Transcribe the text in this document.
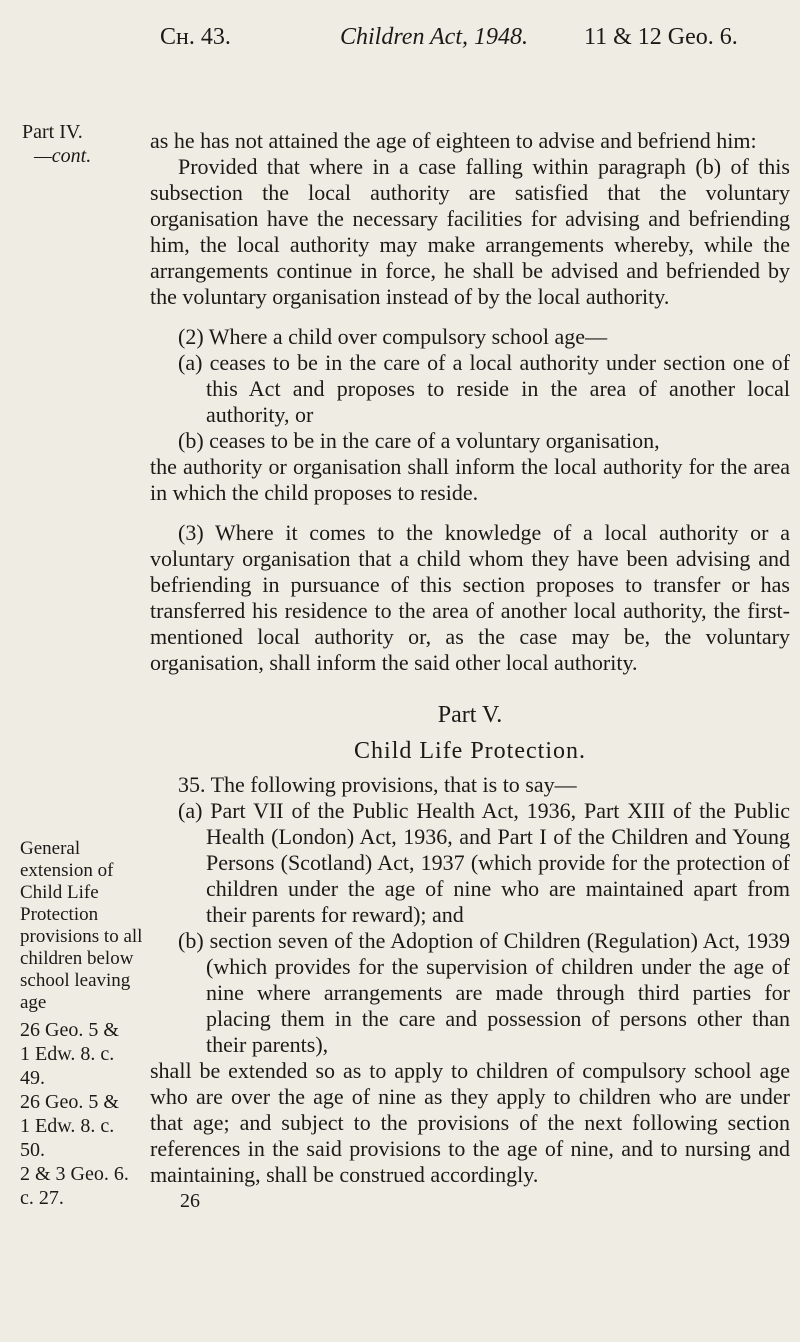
Cн. 43.	Children Act, 1948. 11 & 12 Geo. 6.
Part IV.
—cont.
General extension of Child Life Protection provisions to all children below school leaving age
26 Geo. 5 &
1 Edw. 8. c. 49.
26 Geo. 5 &
1 Edw. 8. c. 50.
2 & 3 Geo. 6.
c. 27.

as he has not attained the age of eighteen to advise and befriend him:

Provided that where in a case falling within paragraph (b) of this subsection the local authority are satisfied that the voluntary organisation have the necessary facilities for advising and befriending him, the local authority may make arrangements whereby, while the arrangements continue in force, he shall be advised and befriended by the voluntary organisation instead of by the local authority.

(2) Where a child over compulsory school age—

(a) ceases to be in the care of a local authority under section one of this Act and proposes to reside in the area of another local authority, or

(b) ceases to be in the care of a voluntary organisation,

the authority or organisation shall inform the local authority for the area in which the child proposes to reside.

(3) Where it comes to the knowledge of a local authority or a voluntary organisation that a child whom they have been advising and befriending in pursuance of this section proposes to transfer or has transferred his residence to the area of another local authority, the first-mentioned local authority or, as the case may be, the voluntary organisation, shall inform the said other local authority.

Part V.

Child Life Protection.

35. The following provisions, that is to say—

(a) Part VII of the Public Health Act, 1936, Part XIII of the Public Health (London) Act, 1936, and Part I of the Children and Young Persons (Scotland) Act, 1937 (which provide for the protection of children under the age of nine who are maintained apart from their parents for reward); and

(b) section seven of the Adoption of Children (Regulation) Act, 1939 (which provides for the supervision of children under the age of nine where arrangements are made through third parties for placing them in the care and possession of persons other than their parents),

shall be extended so as to apply to children of compulsory school age who are over the age of nine as they apply to children who are under that age; and subject to the provisions of the next following section references in the said provisions to the age of nine, and to nursing and maintaining, shall be construed accordingly.

26
